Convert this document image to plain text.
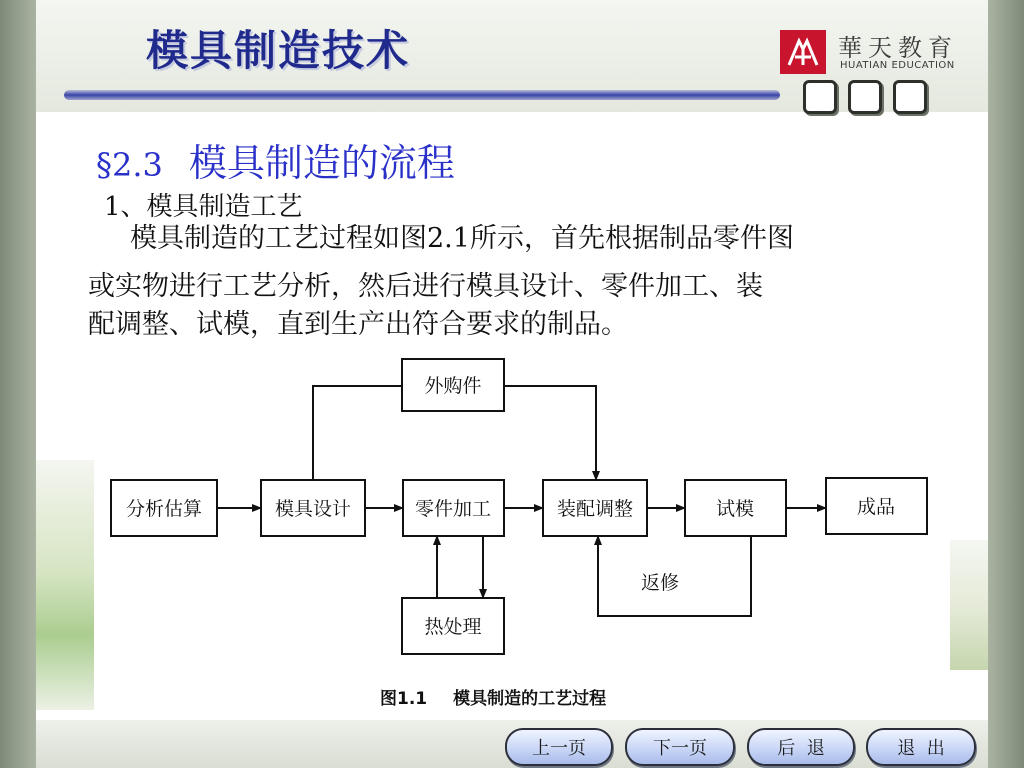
模具制造技术	華天教育
HUATIAN EDUCATION
§2.3 模具制造的流程
1、模具制造工艺
模具制造的工艺过程如图2.1所示，首先根据制品零件图
或实物进行工艺分析，然后进行模具设计、零件加工、装
配调整、试模，直到生产出符合要求的制品。
分析估算	模具设计	零件加工	装配调整	试模	成品
外购件
热处理
返修
图1.1 模具制造的工艺过程
上一页	下一页	后  退	退  出
